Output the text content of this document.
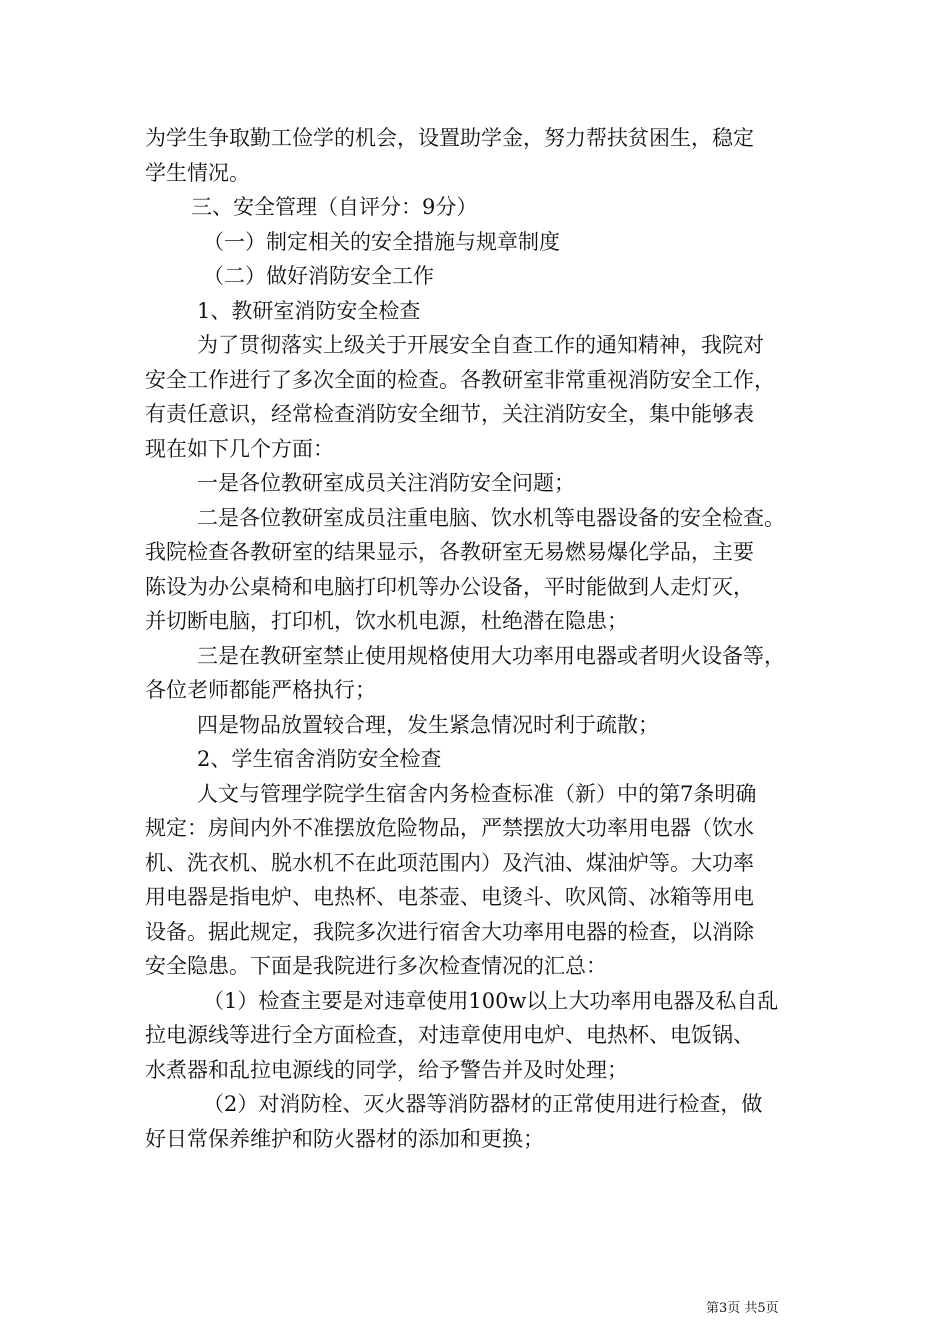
为学生争取勤工俭学的机会，设置助学金，努力帮扶贫困生，稳定

学生情况。

三、安全管理（自评分：9分）

（一）制定相关的安全措施与规章制度

（二）做好消防安全工作

1、教研室消防安全检查

为了贯彻落实上级关于开展安全自查工作的通知精神，我院对

安全工作进行了多次全面的检查。各教研室非常重视消防安全工作，

有责任意识，经常检查消防安全细节，关注消防安全，集中能够表

现在如下几个方面：

一是各位教研室成员关注消防安全问题；

二是各位教研室成员注重电脑、饮水机等电器设备的安全检查。

我院检查各教研室的结果显示，各教研室无易燃易爆化学品，主要

陈设为办公桌椅和电脑打印机等办公设备，平时能做到人走灯灭，

并切断电脑，打印机，饮水机电源，杜绝潜在隐患；

三是在教研室禁止使用规格使用大功率用电器或者明火设备等，

各位老师都能严格执行；

四是物品放置较合理，发生紧急情况时利于疏散；

2、学生宿舍消防安全检查

人文与管理学院学生宿舍内务检查标准（新）中的第7条明确

规定：房间内外不准摆放危险物品，严禁摆放大功率用电器（饮水

机、洗衣机、脱水机不在此项范围内）及汽油、煤油炉等。大功率

用电器是指电炉、电热杯、电茶壶、电烫斗、吹风筒、冰箱等用电

设备。据此规定，我院多次进行宿舍大功率用电器的检查，以消除

安全隐患。下面是我院进行多次检查情况的汇总：

（1）检查主要是对违章使用100w以上大功率用电器及私自乱

拉电源线等进行全方面检查，对违章使用电炉、电热杯、电饭锅、

水煮器和乱拉电源线的同学，给予警告并及时处理；

（2）对消防栓、灭火器等消防器材的正常使用进行检查，做

好日常保养维护和防火器材的添加和更换；

第3页 共5页
